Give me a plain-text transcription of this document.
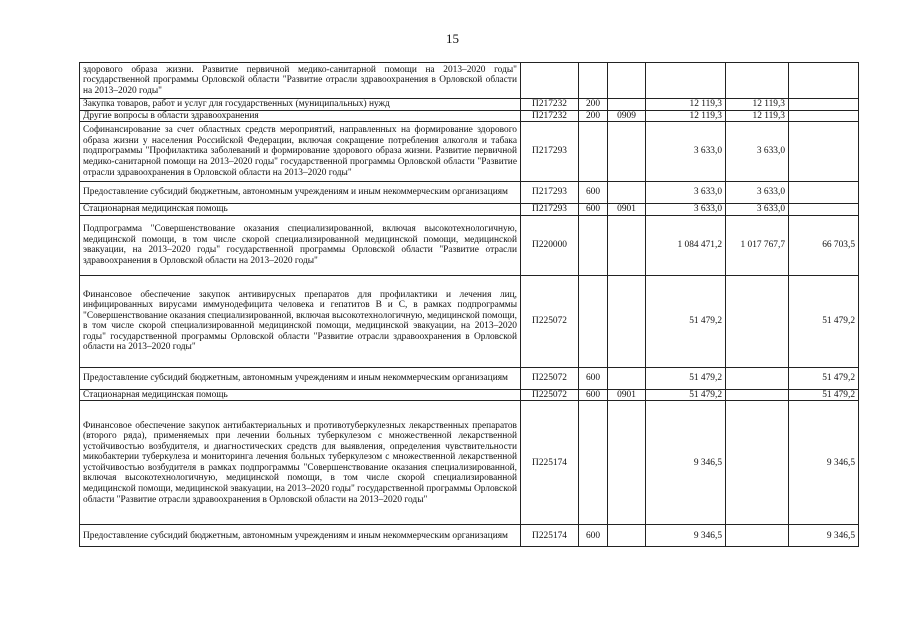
15
здорового образа жизни. Развитие первичной медико-санитарной помощи на 2013–2020 годы" государственной программы Орловской области "Развитие отрасли здравоохранения в Орловской области на 2013–2020 годы"						
Закупка товаров, работ и услуг для государственных (муниципальных) нужд	П217232	200		12 119,3	12 119,3	
Другие вопросы в области здравоохранения	П217232	200	0909	12 119,3	12 119,3	
Софинансирование за счет областных средств мероприятий, направленных на формирование здорового образа жизни у населения Российской Федерации, включая сокращение потребления алкоголя и табака подпрограммы "Профилактика заболеваний и формирование здорового образа жизни. Развитие первичной медико-санитарной помощи на 2013–2020 годы" государственной программы Орловской области "Развитие отрасли здравоохранения в Орловской области на 2013–2020 годы"	П217293			3 633,0	3 633,0	
Предоставление субсидий бюджетным, автономным учреждениям и иным некоммерческим организациям	П217293	600		3 633,0	3 633,0	
Стационарная медицинская помощь	П217293	600	0901	3 633,0	3 633,0	
Подпрограмма "Совершенствование оказания специализированной, включая высокотехнологичную, медицинской помощи, в том числе скорой специализированной медицинской помощи, медицинской эвакуации, на 2013–2020 годы" государственной программы Орловской области "Развитие отрасли здравоохранения в Орловской области на 2013–2020 годы"	П220000			1 084 471,2	1 017 767,7	66 703,5
Финансовое обеспечение закупок антивирусных препаратов для профилактики и лечения лиц, инфицированных вирусами иммунодефицита человека и гепатитов В и С, в рамках подпрограммы "Совершенствование оказания специализированной, включая высокотехнологичную, медицинской помощи, в том числе скорой специализированной медицинской помощи, медицинской эвакуации, на 2013–2020 годы" государственной программы Орловской области "Развитие отрасли здравоохранения в Орловской области на 2013–2020 годы"	П225072			51 479,2		51 479,2
Предоставление субсидий бюджетным, автономным учреждениям и иным некоммерческим организациям	П225072	600		51 479,2		51 479,2
Стационарная медицинская помощь	П225072	600	0901	51 479,2		51 479,2
Финансовое обеспечение закупок антибактериальных и противотуберкулезных лекарственных препаратов (второго ряда), применяемых при лечении больных туберкулезом с множественной лекарственной устойчивостью возбудителя, и диагностических средств для выявления, определения чувствительности микобактерии туберкулеза и мониторинга лечения больных туберкулезом с множественной лекарственной устойчивостью возбудителя в рамках подпрограммы "Совершенствование оказания специализированной, включая высокотехнологичную, медицинской помощи, в том числе скорой специализированной медицинской помощи, медицинской эвакуации, на 2013–2020 годы" государственной программы Орловской области "Развитие отрасли здравоохранения в Орловской области на 2013–2020 годы"	П225174			9 346,5		9 346,5
Предоставление субсидий бюджетным, автономным учреждениям и иным некоммерческим организациям	П225174	600		9 346,5		9 346,5
